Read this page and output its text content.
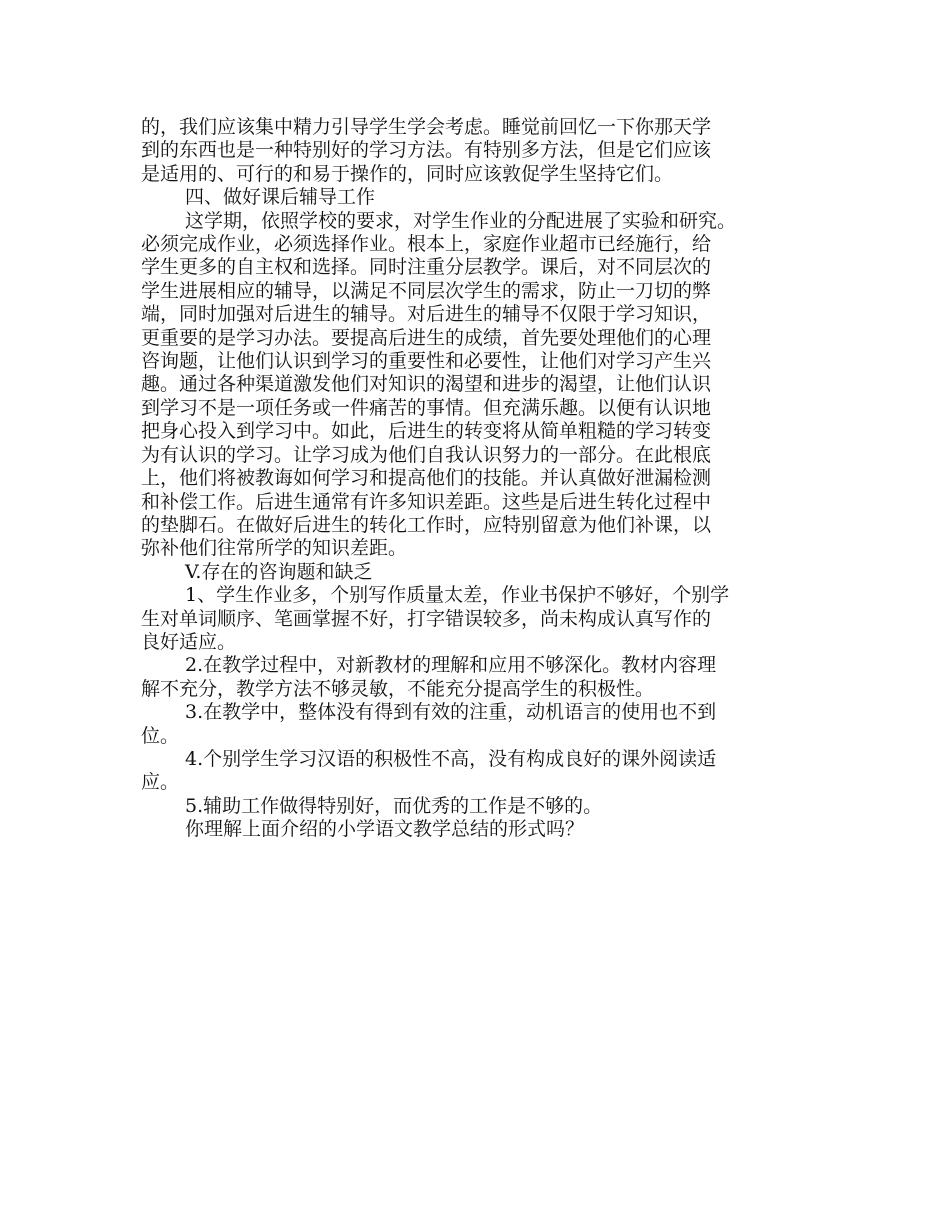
的，我们应该集中精力引导学生学会考虑。睡觉前回忆一下你那天学
到的东西也是一种特别好的学习方法。有特别多方法，但是它们应该
是适用的、可行的和易于操作的，同时应该敦促学生坚持它们。
四、做好课后辅导工作
这学期，依照学校的要求，对学生作业的分配进展了实验和研究。
必须完成作业，必须选择作业。根本上，家庭作业超市已经施行，给
学生更多的自主权和选择。同时注重分层教学。课后，对不同层次的
学生进展相应的辅导，以满足不同层次学生的需求，防止一刀切的弊
端，同时加强对后进生的辅导。对后进生的辅导不仅限于学习知识，
更重要的是学习办法。要提高后进生的成绩，首先要处理他们的心理
咨询题，让他们认识到学习的重要性和必要性，让他们对学习产生兴
趣。通过各种渠道激发他们对知识的渴望和进步的渴望，让他们认识
到学习不是一项任务或一件痛苦的事情。但充满乐趣。以便有认识地
把身心投入到学习中。如此，后进生的转变将从简单粗糙的学习转变
为有认识的学习。让学习成为他们自我认识努力的一部分。在此根底
上，他们将被教诲如何学习和提高他们的技能。并认真做好泄漏检测
和补偿工作。后进生通常有许多知识差距。这些是后进生转化过程中
的垫脚石。在做好后进生的转化工作时，应特别留意为他们补课，以
弥补他们往常所学的知识差距。
V.存在的咨询题和缺乏
1、学生作业多，个别写作质量太差，作业书保护不够好，个别学
生对单词顺序、笔画掌握不好，打字错误较多，尚未构成认真写作的
良好适应。
2.在教学过程中，对新教材的理解和应用不够深化。教材内容理
解不充分，教学方法不够灵敏，不能充分提高学生的积极性。
3.在教学中，整体没有得到有效的注重，动机语言的使用也不到
位。
4.个别学生学习汉语的积极性不高，没有构成良好的课外阅读适
应。
5.辅助工作做得特别好，而优秀的工作是不够的。
你理解上面介绍的小学语文教学总结的形式吗？
